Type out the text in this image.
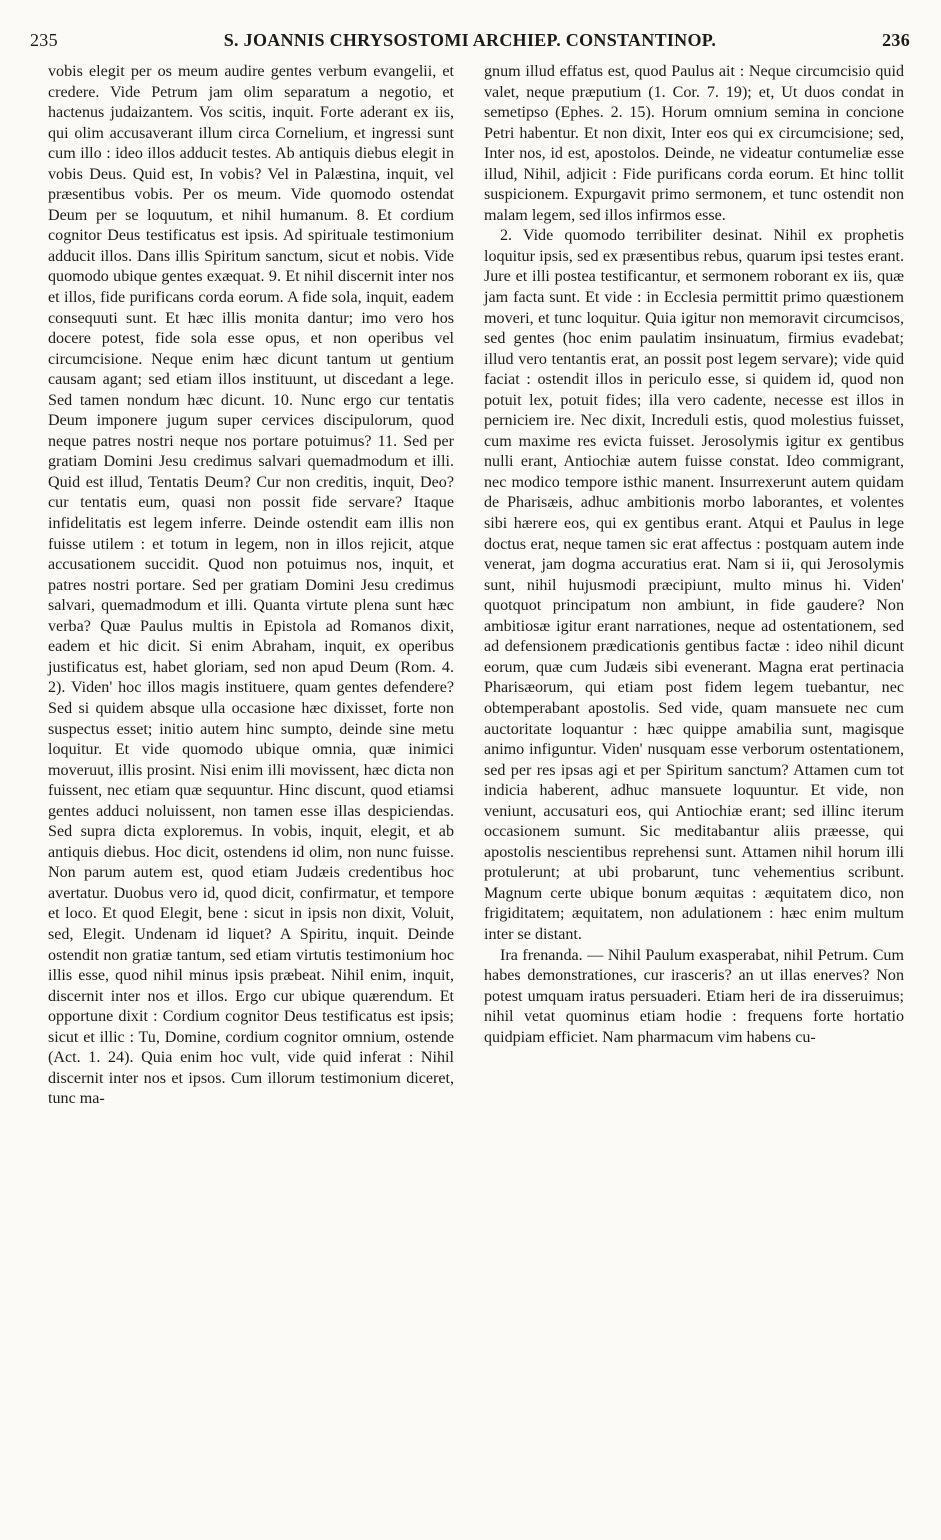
235	S. JOANNIS CHRYSOSTOMI ARCHIEP. CONSTANTINOP.	236

vobis elegit per os meum audire gentes verbum evangelii, et credere. Vide Petrum jam olim separatum a negotio, et hactenus judaizantem. Vos scitis, inquit. Forte aderant ex iis, qui olim accusaverant illum circa Cornelium, et ingressi sunt cum illo : ideo illos adducit testes. Ab antiquis diebus elegit in vobis Deus. Quid est, In vobis? Vel in Palæstina, inquit, vel præsentibus vobis. Per os meum. Vide quomodo ostendat Deum per se loquutum, et nihil humanum. 8. Et cordium cognitor Deus testificatus est ipsis. Ad spirituale testimonium adducit illos. Dans illis Spiritum sanctum, sicut et nobis. Vide quomodo ubique gentes exæquat. 9. Et nihil discernit inter nos et illos, fide purificans corda eorum. A fide sola, inquit, eadem consequuti sunt. Et hæc illis monita dantur; imo vero hos docere potest, fide sola esse opus, et non operibus vel circumcisione. Neque enim hæc dicunt tantum ut gentium causam agant; sed etiam illos instituunt, ut discedant a lege. Sed tamen nondum hæc dicunt. 10. Nunc ergo cur tentatis Deum imponere jugum super cervices discipulorum, quod neque patres nostri neque nos portare potuimus? 11. Sed per gratiam Domini Jesu credimus salvari quemadmodum et illi. Quid est illud, Tentatis Deum? Cur non creditis, inquit, Deo? cur tentatis eum, quasi non possit fide servare? Itaque infidelitatis est legem inferre. Deinde ostendit eam illis non fuisse utilem : et totum in legem, non in illos rejicit, atque accusationem succidit. Quod non potuimus nos, inquit, et patres nostri portare. Sed per gratiam Domini Jesu credimus salvari, quemadmodum et illi. Quanta virtute plena sunt hæc verba? Quæ Paulus multis in Epistola ad Romanos dixit, eadem et hic dicit. Si enim Abraham, inquit, ex operibus justificatus est, habet gloriam, sed non apud Deum (Rom. 4. 2). Viden' hoc illos magis instituere, quam gentes defendere? Sed si quidem absque ulla occasione hæc dixisset, forte non suspectus esset; initio autem hinc sumpto, deinde sine metu loquitur. Et vide quomodo ubique omnia, quæ inimici moveruut, illis prosint. Nisi enim illi movissent, hæc dicta non fuissent, nec etiam quæ sequuntur. Hinc discunt, quod etiamsi gentes adduci noluissent, non tamen esse illas despiciendas. Sed supra dicta exploremus. In vobis, inquit, elegit, et ab antiquis diebus. Hoc dicit, ostendens id olim, non nunc fuisse. Non parum autem est, quod etiam Judæis credentibus hoc avertatur. Duobus vero id, quod dicit, confirmatur, et tempore et loco. Et quod Elegit, bene : sicut in ipsis non dixit, Voluit, sed, Elegit. Undenam id liquet? A Spiritu, inquit. Deinde ostendit non gratiæ tantum, sed etiam virtutis testimonium hoc illis esse, quod nihil minus ipsis præbeat. Nihil enim, inquit, discernit inter nos et illos. Ergo cur ubique quærendum. Et opportune dixit : Cordium cognitor Deus testificatus est ipsis; sicut et illic : Tu, Domine, cordium cognitor omnium, ostende (Act. 1. 24). Quia enim hoc vult, vide quid inferat : Nihil discernit inter nos et ipsos. Cum illorum testimonium diceret, tunc ma-

gnum illud effatus est, quod Paulus ait : Neque circumcisio quid valet, neque præputium (1. Cor. 7. 19); et, Ut duos condat in semetipso (Ephes. 2. 15). Horum omnium semina in concione Petri habentur. Et non dixit, Inter eos qui ex circumcisione; sed, Inter nos, id est, apostolos. Deinde, ne videatur contumeliæ esse illud, Nihil, adjicit : Fide purificans corda eorum. Et hinc tollit suspicionem. Expurgavit primo sermonem, et tunc ostendit non malam legem, sed illos infirmos esse.

2. Vide quomodo terribiliter desinat. Nihil ex prophetis loquitur ipsis, sed ex præsentibus rebus, quarum ipsi testes erant. Jure et illi postea testificantur, et sermonem roborant ex iis, quæ jam facta sunt. Et vide : in Ecclesia permittit primo quæstionem moveri, et tunc loquitur. Quia igitur non memoravit circumcisos, sed gentes (hoc enim paulatim insinuatum, firmius evadebat; illud vero tentantis erat, an possit post legem servare); vide quid faciat : ostendit illos in periculo esse, si quidem id, quod non potuit lex, potuit fides; illa vero cadente, necesse est illos in perniciem ire. Nec dixit, Increduli estis, quod molestius fuisset, cum maxime res evicta fuisset. Jerosolymis igitur ex gentibus nulli erant, Antiochiæ autem fuisse constat. Ideo commigrant, nec modico tempore isthic manent. Insurrexerunt autem quidam de Pharisæis, adhuc ambitionis morbo laborantes, et volentes sibi hærere eos, qui ex gentibus erant. Atqui et Paulus in lege doctus erat, neque tamen sic erat affectus : postquam autem inde venerat, jam dogma accuratius erat. Nam si ii, qui Jerosolymis sunt, nihil hujusmodi præcipiunt, multo minus hi. Viden' quotquot principatum non ambiunt, in fide gaudere? Non ambitiosæ igitur erant narrationes, neque ad ostentationem, sed ad defensionem prædicationis gentibus factæ : ideo nihil dicunt eorum, quæ cum Judæis sibi evenerant. Magna erat pertinacia Pharisæorum, qui etiam post fidem legem tuebantur, nec obtemperabant apostolis. Sed vide, quam mansuete nec cum auctoritate loquantur : hæc quippe amabilia sunt, magisque animo infiguntur. Viden' nusquam esse verborum ostentationem, sed per res ipsas agi et per Spiritum sanctum? Attamen cum tot indicia haberent, adhuc mansuete loquuntur. Et vide, non veniunt, accusaturi eos, qui Antiochiæ erant; sed illinc iterum occasionem sumunt. Sic meditabantur aliis præesse, qui apostolis nescientibus reprehensi sunt. Attamen nihil horum illi protulerunt; at ubi probarunt, tunc vehementius scribunt. Magnum certe ubique bonum æquitas : æquitatem dico, non frigiditatem; æquitatem, non adulationem : hæc enim multum inter se distant.

Ira frenanda. — Nihil Paulum exasperabat, nihil Petrum. Cum habes demonstrationes, cur irasceris? an ut illas enerves? Non potest umquam iratus persuaderi. Etiam heri de ira disseruimus; nihil vetat quominus etiam hodie : frequens forte hortatio quidpiam efficiet. Nam pharmacum vim habens cu-
